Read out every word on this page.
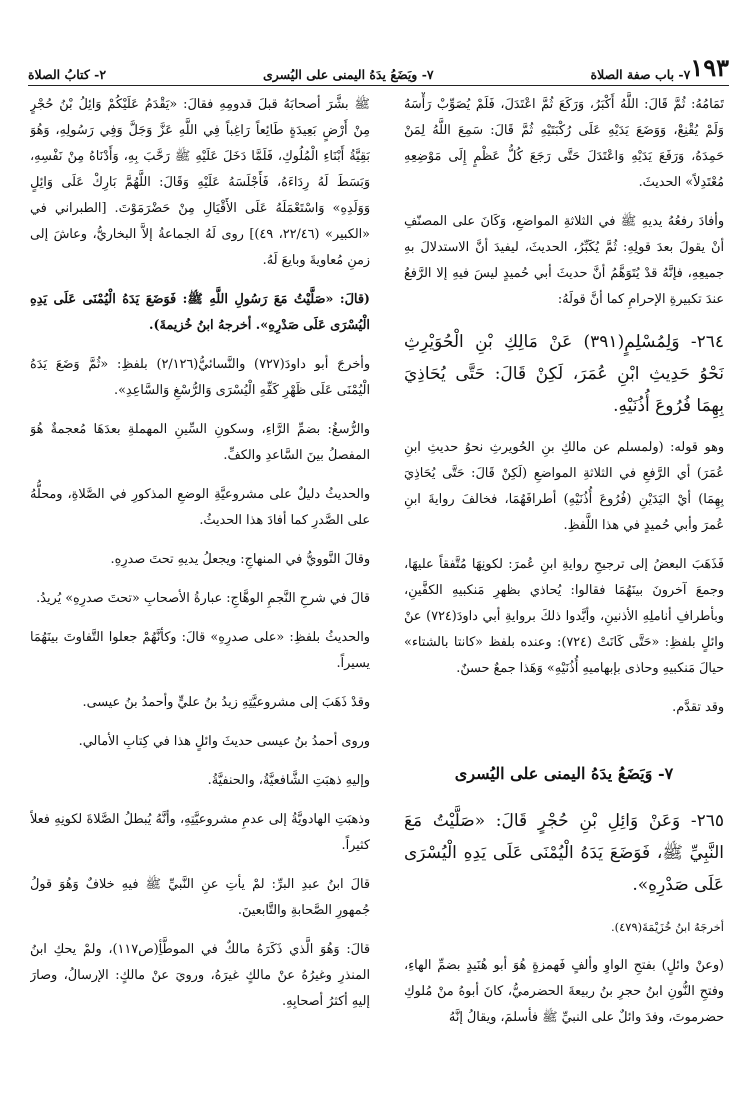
١٩٣
٧- باب صفة الصلاة
٧- ويَضَعُ يدَهُ اليمنى على اليُسرى
٢- كتابُ الصلاة

تَمَامُهُ: ثُمَّ قَالَ: اللَّهُ أَكْبَرُ، وَرَكَعَ ثُمَّ اعْتَدَلَ، فَلَمْ يُصَوِّبْ رَأْسَهُ وَلَمْ يُقْنِعْ، وَوَضَعَ يَدَيْهِ عَلَى رُكْبَتَيْهِ ثُمَّ قَالَ: سَمِعَ اللَّهُ لِمَنْ حَمِدَهُ، وَرَفَعَ يَدَيْهِ وَاعْتَدَلَ حَتَّى رَجَعَ كُلُّ عَظْمٍ إِلَى مَوْضِعِهِ مُعْتَدِلاً» الحديثَ.

وأفادَ رفعُهُ يديهِ ﷺ في الثلاثةِ المواضعِ، وَكَانَ على المصنّفِ أنْ يقولَ بعدَ قولِهِ: ثُمَّ يُكَبِّرُ، الحديثَ، ليفيدَ أنَّ الاستدلالَ بهِ جميعِهِ، فإنَّهُ قدْ يُتَوَهَّمُ أنَّ حديثَ أبي حُميدٍ ليسَ فيهِ إلا الرَّفعُ عندَ تكبيرةِ الإحرامِ كما أنَّ قولَهُ:

٢٦٤- وَلِمُسْلِمٍ(٣٩١) عَنْ مَالِكِ بْنِ الْحُوَيْرِثِ نَحْوُ حَدِيثِ ابْنِ عُمَرَ، لَكِنْ قَالَ: حَتَّى يُحَاذِيَ بِهِمَا فُرُوعَ أُذُنَيْهِ.

وهو قوله: (ولمسلم عن مالكِ بنِ الحُويرثِ نحوُ حديثِ ابنِ عُمَرَ) أي الرَّفعِ في الثلاثةِ المواضعِ (لَكِنْ قَالَ: حَتَّى يُحَاذِيَ بِهِمَا) أيْ اليَدَيْنِ (فُرُوعَ أُذُنَيْهِ) أطرافَهُمَا، فخالفَ روايةَ ابنِ عُمرَ وأبي حُميدٍ في هذا اللَّفظِ.

فَذَهَبَ البعضُ إلى ترجيحِ روايةِ ابنِ عُمرَ: لكونِهَا مُتَّفقاً عليهَا، وجمعَ آخرونَ بينَهُمَا فقالوا: يُحاذي بظهرِ مَنكبيهِ الكفَّينِ، وبأطرافِ أناملِهِ الأذنينِ، وأيَّدوا ذلكَ بروايةِ أبي داودَ(٧٢٤) عنْ وائلٍ بلفظِ: «حَتَّى كَانَتْ (٧٢٤): وعنده بلفظ «كانتا بالشتاء» حيالَ مَنكبيهِ وحاذى بإبهاميهِ أُذُنَيْهِ» وَهَذا جمعٌ حسنٌ.

وقد تقدَّم.

٧- وَيَضَعُ يدَهُ اليمنى على اليُسرى

٢٦٥- وَعَنْ وَائِلِ بْنِ حُجْرٍ قَالَ: «صَلَّيْتُ مَعَ النَّبِيِّ ﷺ، فَوَضَعَ يَدَهُ الْيُمْنَى عَلَى يَدِهِ الْيُسْرَى عَلَى صَدْرِهِ».

أخرجَهُ ابنُ خُزَيْمَةَ(٤٧٩).

(وعنْ وائلٍ) بفتحِ الواوِ وألفٍ فَهمزةٍ هُوَ أبو هُنَيدٍ بضمِّ الهاءِ، وفتحِ النُّونِ ابنُ حجرِ بنُ ربيعةَ الحضرميُّ، كانَ أبوهُ منْ مُلوكِ حضرموتَ، وفدَ وائلٌ على النبيِّ ﷺ فأسلمَ، ويقالُ إنَّهُ

ﷺ بشَّرَ أصحابَهُ قبلَ قدومِهِ فقالَ: «يَقْدَمُ عَلَيْكُمْ وَائِلُ بْنُ حُجْرٍ مِنْ أَرْضٍ بَعِيدَةٍ طَائِعاً رَاغِباً فِي اللَّهِ عَزَّ وَجَلَّ وَفِي رَسُولِهِ، وَهُوَ بَقِيَّةُ أَبْنَاءِ الْمُلُوكِ، فَلَمَّا دَخَلَ عَلَيْهِ ﷺ رَحَّبَ بِهِ، وَأَدْنَاهُ مِنْ نَفْسِهِ، وَبَسَطَ لَهُ رِدَاءَهُ، فَأَجْلَسَهُ عَلَيْهِ وَقَالَ: اللَّهُمَّ بَارِكْ عَلَى وَائِلٍ وَوَلَدِهِ» وَاسْتَعْمَلَهُ عَلَى الأَقْيَالِ مِنْ حَضْرَمَوْتَ. [الطبراني في «الكبير» (٢٢/٤٦، ٤٩)] روى لَهُ الجماعةُ إلاَّ البخاريُّ، وعاشَ إلى زمنِ مُعاويةَ وبايعَ لَهُ.

(قالَ: «صَلَّيْتُ مَعَ رَسُولِ اللَّهِ ﷺ: فَوَضَعَ يَدَهُ الْيُمْنَى عَلَى يَدِهِ الْيُسْرَى عَلَى صَدْرِهِ». أخرجهُ ابنُ خُزيمةَ).

وأخرجَ أبو داودَ(٧٢٧) والنَّسائيُّ(٢/١٢٦) بلفظِ: «ثُمَّ وَضَعَ يَدَهُ الْيُمْنَى عَلَى ظَهْرِ كَفِّهِ الْيُسْرَى وَالرُّسْغِ وَالسَّاعِدِ».

والرُّسغُ: بضمِّ الرَّاءِ، وسكونِ السِّينِ المهملةِ بعدَهَا مُعجمةٌ هُوَ المفصلُ بينَ السَّاعدِ والكفِّ.

والحديثُ دليلٌ على مشروعيَّةِ الوضعِ المذكورِ في الصَّلاةِ، ومحلُّهُ على الصَّدرِ كما أفادَ هذا الحديثُ.

وقالَ النَّوويُّ في المنهاجِ: ويجعلُ يديهِ تحتَ صدرِهِ.

قالَ في شرحِ النَّجمِ الوهَّاجِ: عبارةُ الأصحابِ «تحتَ صدرِهِ» يُريدُ.

والحديثُ بلفظِ: «على صدرِهِ» قالَ: وكأنَّهُمْ جعلوا التَّفاوتَ بينَهُمَا يسيراً.

وقدْ ذَهَبَ إلى مشروعيَّتِهِ زيدُ بنُ عليٍّ وأحمدُ بنُ عيسى.

وروى أحمدُ بنُ عيسى حديثَ وائلٍ هذا في كِتابِ الأمالي.

وإليهِ ذهبَتِ الشَّافعيَّةُ، والحنفيَّةُ.

وذهبَتِ الهادويَّةُ إلى عدمِ مشروعيَّتِهِ، وأنَّهُ يُبطلُ الصَّلاةَ لكونِهِ فعلاً كثيراً.

قالَ ابنُ عبدِ البرِّ: لمْ يأتِ عنِ النَّبيِّ ﷺ فيهِ خلافٌ وَهُوَ قولُ جُمهورِ الصَّحابةِ والتَّابعينَ.

قالَ: وَهُوَ الَّذي ذَكَرَهُ مالكٌ في الموطَّأِ(ص١١٧)، ولمْ يحكِ ابنُ المنذرِ وغيرُهُ عنْ مالكٍ غيرَهُ، ورويَ عنْ مالكٍ: الإرسالُ، وصارَ إليهِ أكثرُ أصحابِهِ.
